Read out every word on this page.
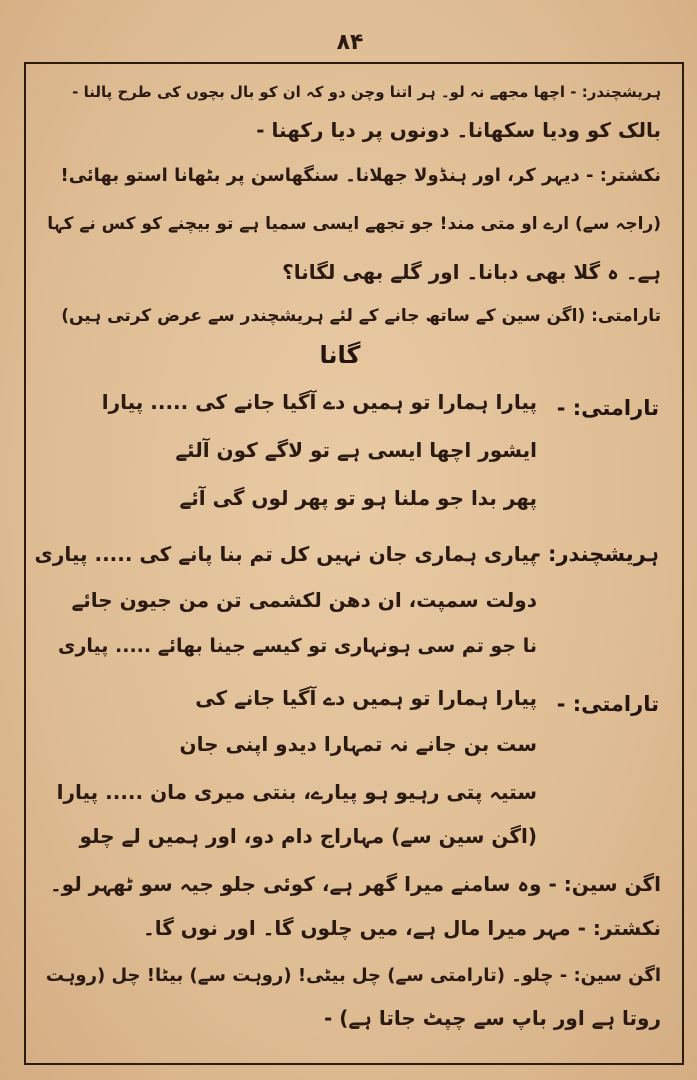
۸۴
ہریشچندر: - اچھا مجھے نہ لو۔ ہر اتنا وچن دو کہ ان کو بال بچوں کی طرح پالنا -
بالک کو ودیا سکھانا۔ دونوں پر دیا رکھنا -
نکشتر: - دیہر کر، اور ہنڈولا جھلانا۔ سنگھاسن پر بٹھانا استو بھائی!
(راجہ سے) ارے او متی مند! جو تجھے ایسی سمیا ہے تو بیچنے کو کس نے کہا
ہے۔ ہ گلا بھی دبانا۔ اور گلے بھی لگانا؟
تارامتی: (اگن سین کے ساتھ جانے کے لئے ہریشچندر سے عرض کرتی ہیں)
گانا
تارامتی: -
پیارا ہمارا تو ہمیں دے آگیا جانے کی ..... پیارا
ایشور اچھا ایسی ہے تو لاگے کون آلئے
پھر بدا جو ملنا ہو تو پھر لوں گی آئے
ہریشچندر: -
پیاری ہماری جان نہیں کل تم بنا پانے کی ..... پیاری
دولت سمپت، ان دھن لکشمی تن من جیون جائے
نا جو تم سی ہونہاری تو کیسے جینا بھائے ..... پیاری
تارامتی: -
پیارا ہمارا تو ہمیں دے آگیا جانے کی
ست بن جانے نہ تمہارا دیدو اپنی جان
ستیہ پتی رہیو ہو پیارے، بنتی میری مان ..... پیارا
(اگن سین سے) مہاراج دام دو، اور ہمیں لے چلو
اگن سین: - وہ سامنے میرا گھر ہے، کوئی جلو جیہ سو ٹھہر لو۔
نکشتر: - مہر میرا مال ہے، میں چلوں گا۔ اور نوں گا۔
اگن سین: - چلو۔ (تارامتی سے) چل بیٹی! (روہت سے) بیٹا! چل (روہت
روتا ہے اور باپ سے چپٹ جاتا ہے) -
